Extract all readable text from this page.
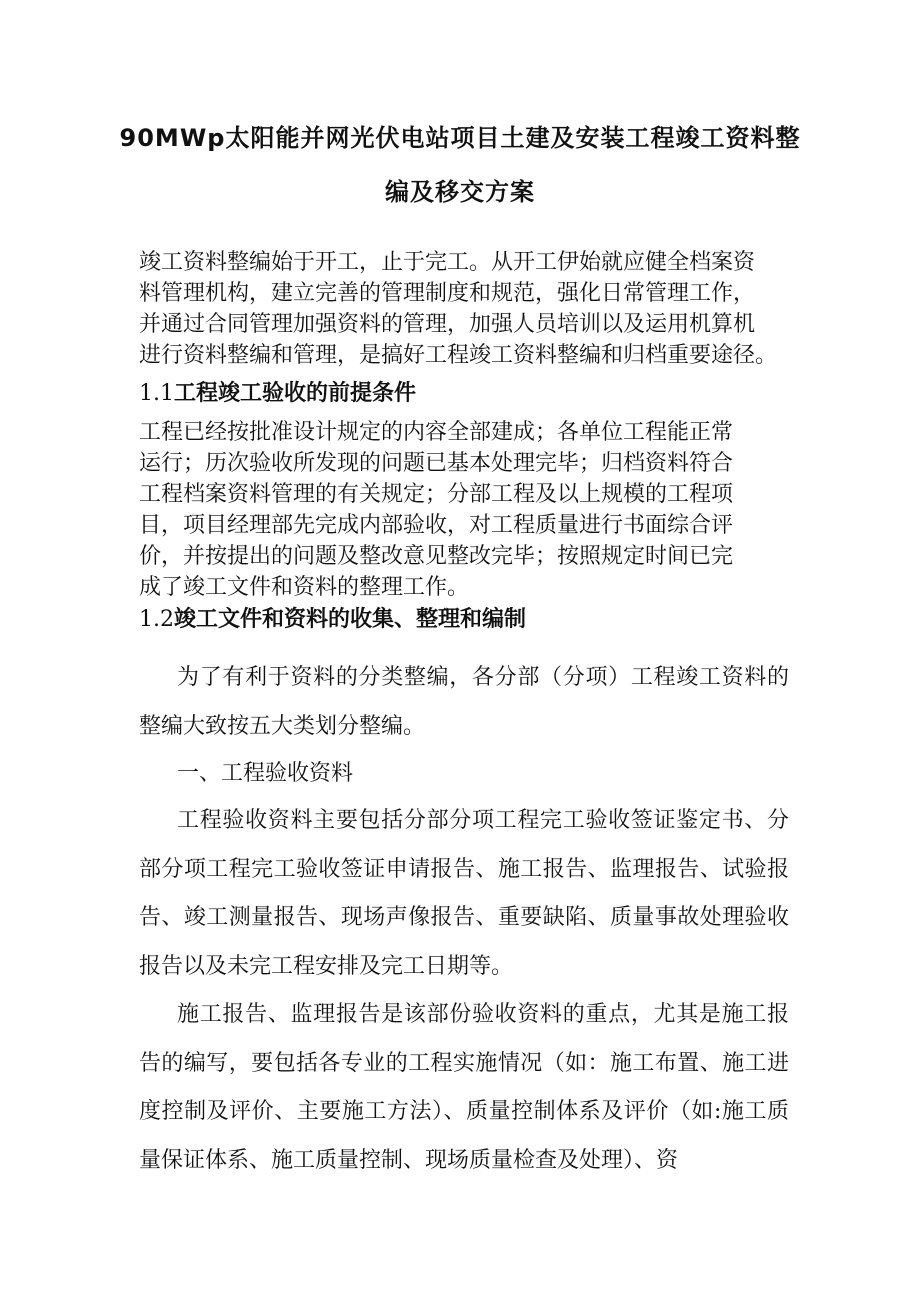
90MWp太阳能并网光伏电站项目土建及安装工程竣工资料整
编及移交方案
竣工资料整编始于开工，止于完工。从开工伊始就应健全档案资
料管理机构，建立完善的管理制度和规范，强化日常管理工作，
并通过合同管理加强资料的管理，加强人员培训以及运用机算机
进行资料整编和管理，是搞好工程竣工资料整编和归档重要途径。
1.1工程竣工验收的前提条件
工程已经按批准设计规定的内容全部建成；各单位工程能正常
运行；历次验收所发现的问题已基本处理完毕；归档资料符合
工程档案资料管理的有关规定；分部工程及以上规模的工程项
目，项目经理部先完成内部验收，对工程质量进行书面综合评
价，并按提出的问题及整改意见整改完毕；按照规定时间已完
成了竣工文件和资料的整理工作。
1.2竣工文件和资料的收集、整理和编制
为了有利于资料的分类整编，各分部（分项）工程竣工资料的整编大致按五大类划分整编。
一、工程验收资料
工程验收资料主要包括分部分项工程完工验收签证鉴定书、分部分项工程完工验收签证申请报告、施工报告、监理报告、试验报告、竣工测量报告、现场声像报告、重要缺陷、质量事故处理验收报告以及未完工程安排及完工日期等。
施工报告、监理报告是该部份验收资料的重点，尤其是施工报告的编写，要包括各专业的工程实施情况（如：施工布置、施工进度控制及评价、主要施工方法）、质量控制体系及评价（如:施工质量保证体系、施工质量控制、现场质量检查及处理）、资
